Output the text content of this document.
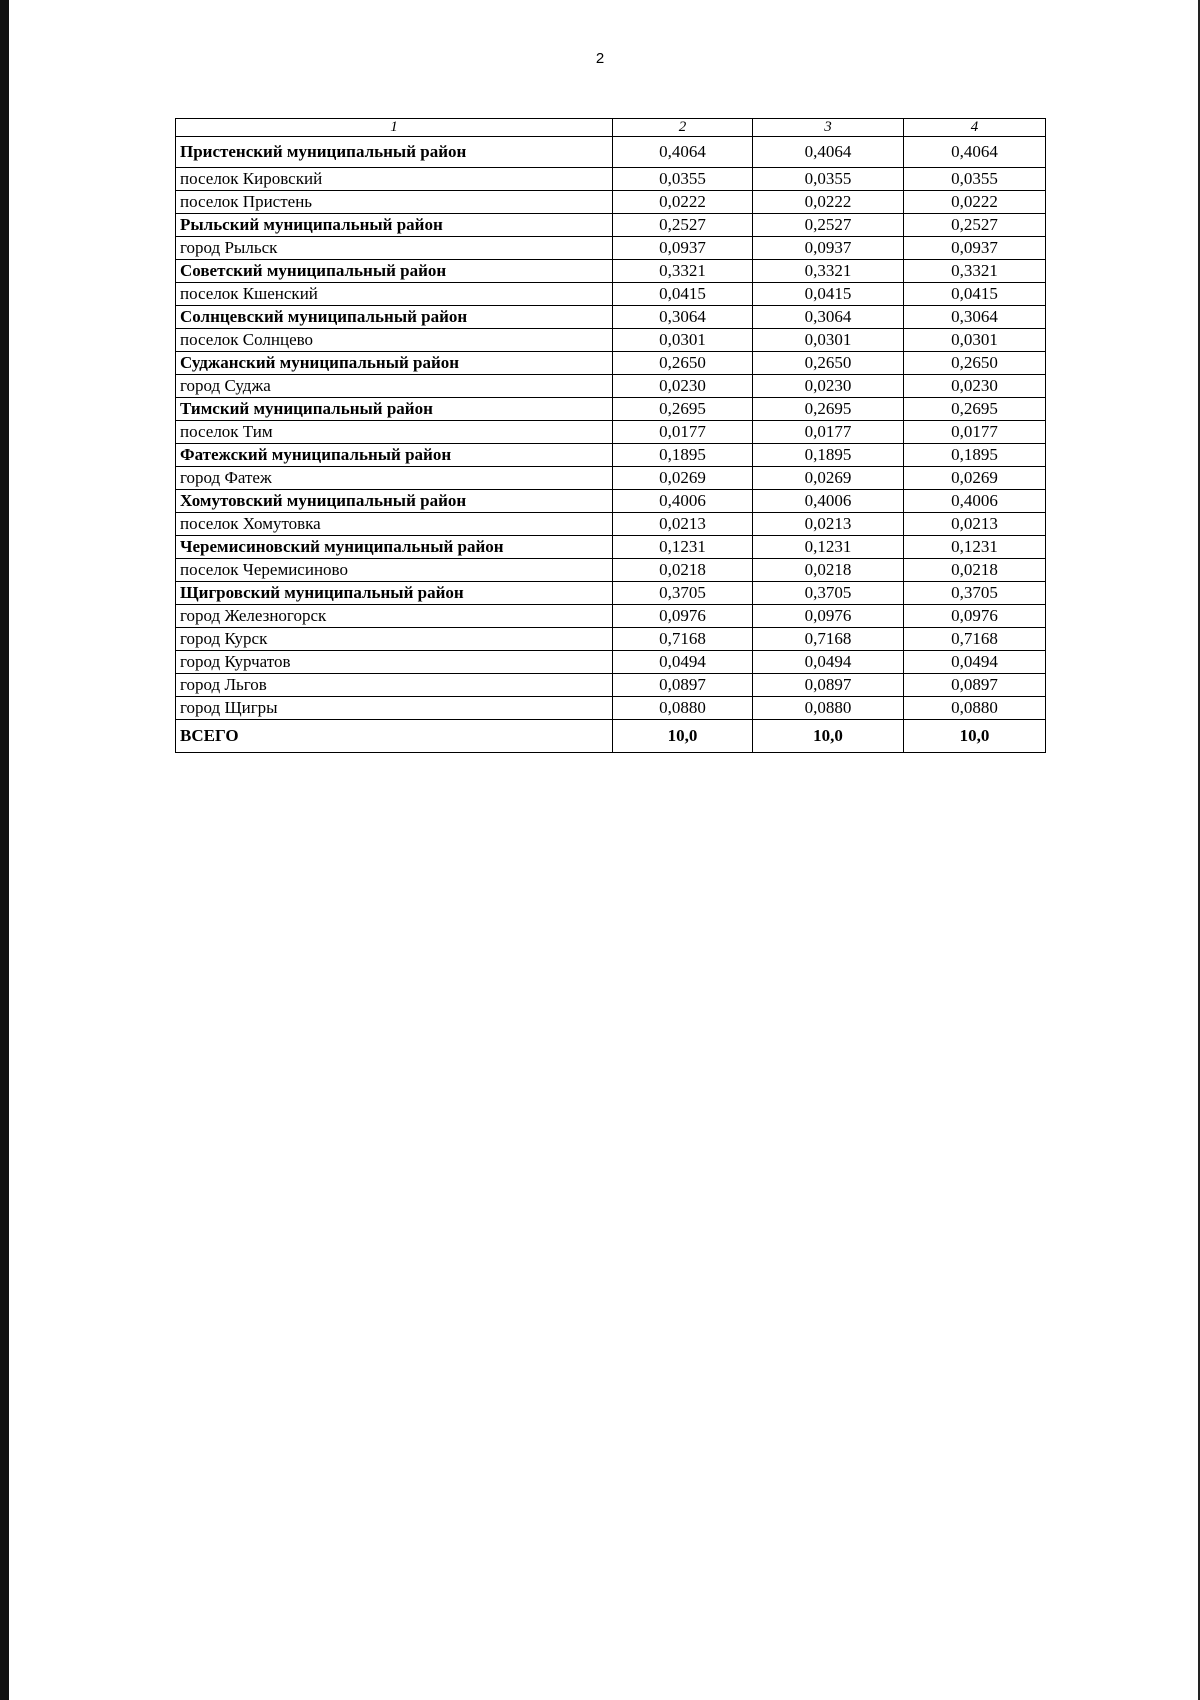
2
1	2	3	4
Пристенский муниципальный район	0,4064	0,4064	0,4064
поселок Кировский	0,0355	0,0355	0,0355
поселок Пристень	0,0222	0,0222	0,0222
Рыльский муниципальный район	0,2527	0,2527	0,2527
город Рыльск	0,0937	0,0937	0,0937
Советский муниципальный район	0,3321	0,3321	0,3321
поселок Кшенский	0,0415	0,0415	0,0415
Солнцевский муниципальный район	0,3064	0,3064	0,3064
поселок Солнцево	0,0301	0,0301	0,0301
Суджанский муниципальный район	0,2650	0,2650	0,2650
город Суджа	0,0230	0,0230	0,0230
Тимский муниципальный район	0,2695	0,2695	0,2695
поселок Тим	0,0177	0,0177	0,0177
Фатежский муниципальный район	0,1895	0,1895	0,1895
город Фатеж	0,0269	0,0269	0,0269
Хомутовский муниципальный район	0,4006	0,4006	0,4006
поселок Хомутовка	0,0213	0,0213	0,0213
Черемисиновский муниципальный район	0,1231	0,1231	0,1231
поселок Черемисиново	0,0218	0,0218	0,0218
Щигровский муниципальный район	0,3705	0,3705	0,3705
город Железногорск	0,0976	0,0976	0,0976
город Курск	0,7168	0,7168	0,7168
город Курчатов	0,0494	0,0494	0,0494
город Льгов	0,0897	0,0897	0,0897
город Щигры	0,0880	0,0880	0,0880
ВСЕГО	10,0	10,0	10,0
